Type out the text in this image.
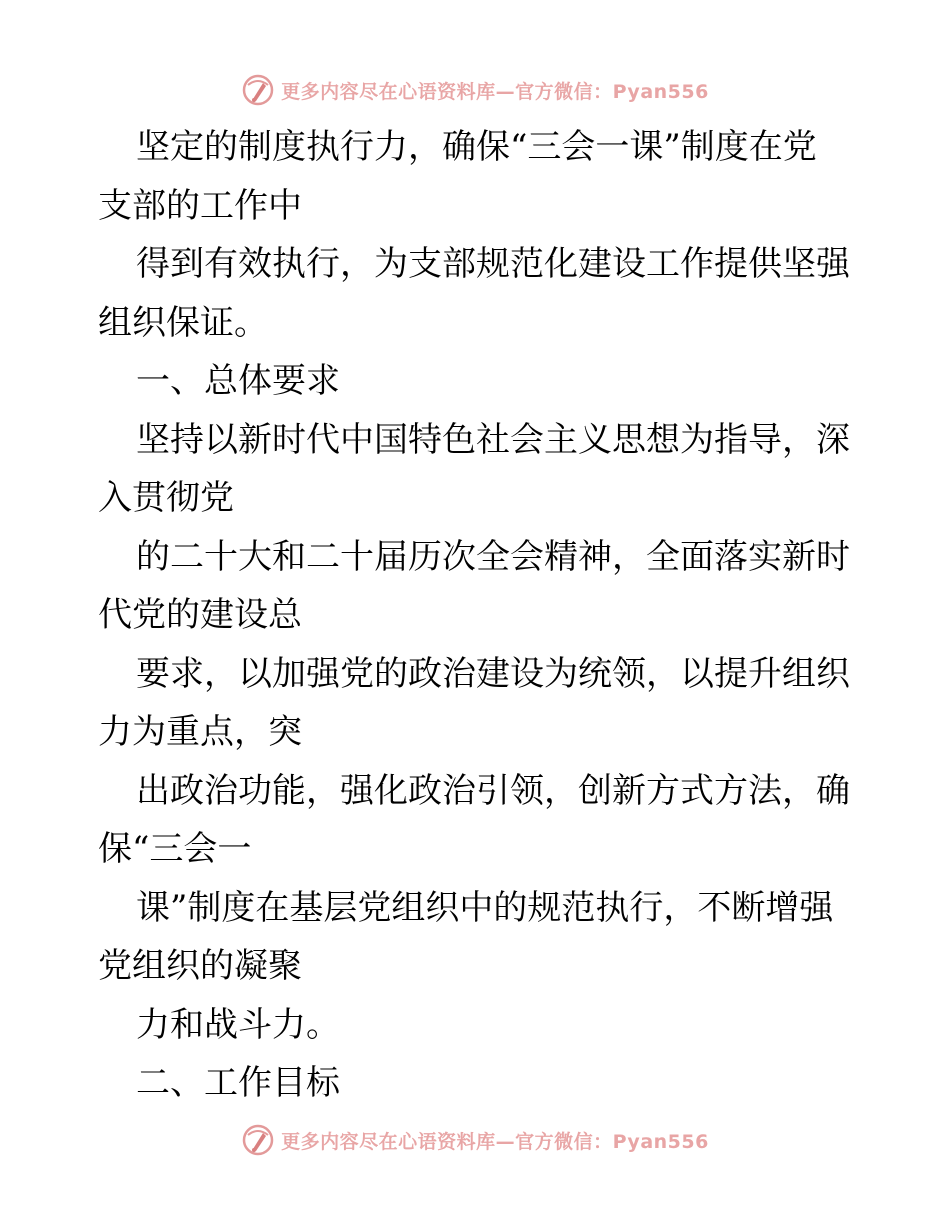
更多内容尽在心语资料库—官方微信：Pyan556
坚定的制度执行力，确保“三会一课”制度在党
支部的工作中
得到有效执行，为支部规范化建设工作提供坚强
组织保证。
一、总体要求
坚持以新时代中国特色社会主义思想为指导，深
入贯彻党
的二十大和二十届历次全会精神，全面落实新时
代党的建设总
要求，以加强党的政治建设为统领，以提升组织
力为重点，突
出政治功能，强化政治引领，创新方式方法，确
保“三会一
课”制度在基层党组织中的规范执行，不断增强
党组织的凝聚
力和战斗力。
二、工作目标
更多内容尽在心语资料库—官方微信：Pyan556
